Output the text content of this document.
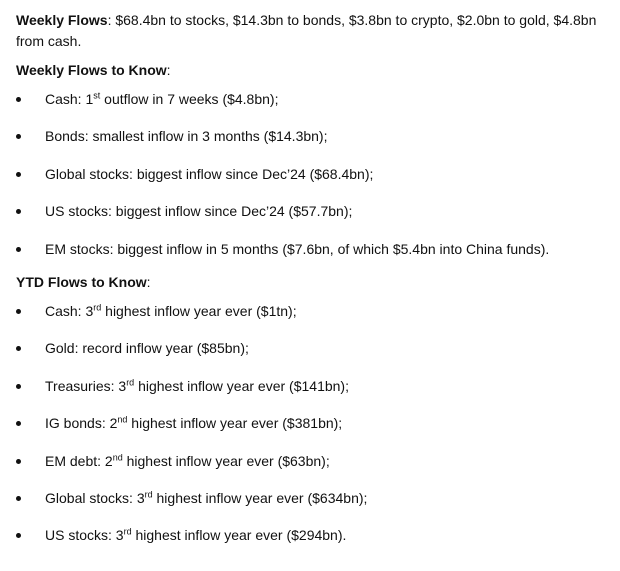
Weekly Flows: $68.4bn to stocks, $14.3bn to bonds, $3.8bn to crypto, $2.0bn to gold, $4.8bn from cash.

Weekly Flows to Know:
Cash: 1st outflow in 7 weeks ($4.8bn);
Bonds: smallest inflow in 3 months ($14.3bn);
Global stocks: biggest inflow since Dec’24 ($68.4bn);
US stocks: biggest inflow since Dec’24 ($57.7bn);
EM stocks: biggest inflow in 5 months ($7.6bn, of which $5.4bn into China funds).
YTD Flows to Know:
Cash: 3rd highest inflow year ever ($1tn);
Gold: record inflow year ($85bn);
Treasuries: 3rd highest inflow year ever ($141bn);
IG bonds: 2nd highest inflow year ever ($381bn);
EM debt: 2nd highest inflow year ever ($63bn);
Global stocks: 3rd highest inflow year ever ($634bn);
US stocks: 3rd highest inflow year ever ($294bn).
